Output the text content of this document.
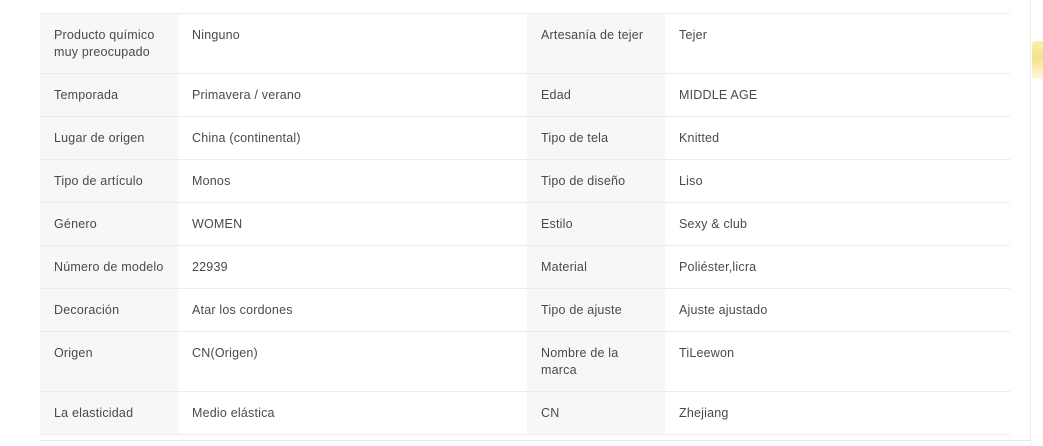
Producto químico muy preocupado	Ninguno	Artesanía de tejer	Tejer
Temporada	Primavera / verano	Edad	MIDDLE AGE
Lugar de origen	China (continental)	Tipo de tela	Knitted
Tipo de artículo	Monos	Tipo de diseño	Liso
Género	WOMEN	Estilo	Sexy & club
Número de modelo	22939	Material	Poliéster,licra
Decoración	Atar los cordones	Tipo de ajuste	Ajuste ajustado
Origen	CN(Origen)	Nombre de la marca	TiLeewon
La elasticidad	Medio elástica	CN	Zhejiang
